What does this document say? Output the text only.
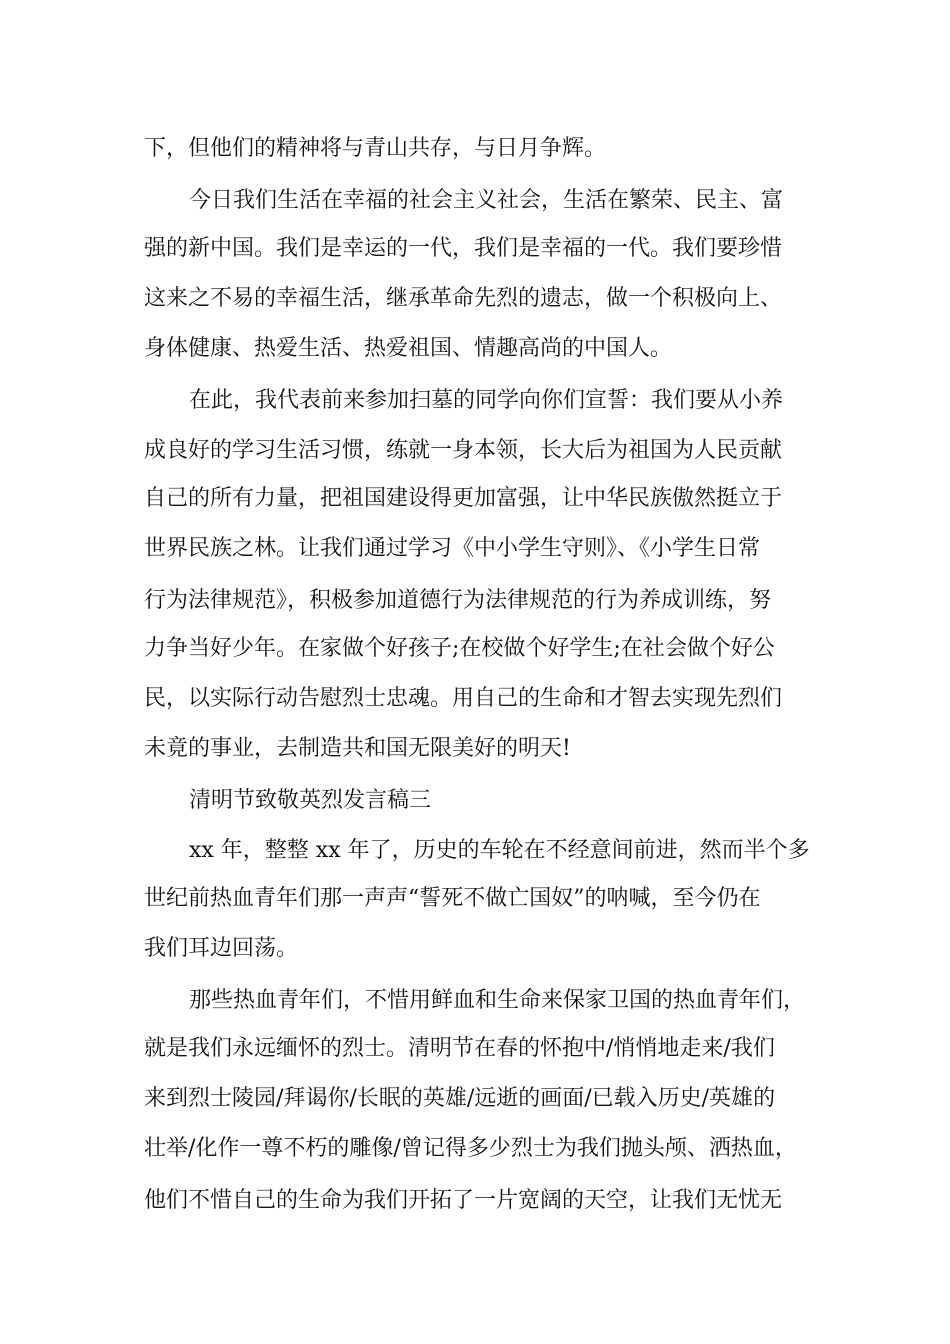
下，但他们的精神将与青山共存，与日月争辉。
今日我们生活在幸福的社会主义社会，生活在繁荣、民主、富
强的新中国。我们是幸运的一代，我们是幸福的一代。我们要珍惜
这来之不易的幸福生活，继承革命先烈的遗志，做一个积极向上、
身体健康、热爱生活、热爱祖国、情趣高尚的中国人。
在此，我代表前来参加扫墓的同学向你们宣誓：我们要从小养
成良好的学习生活习惯，练就一身本领，长大后为祖国为人民贡献
自己的所有力量，把祖国建设得更加富强，让中华民族傲然挺立于
世界民族之林。让我们通过学习《中小学生守则》、《小学生日常
行为法律规范》，积极参加道德行为法律规范的行为养成训练，努
力争当好少年。在家做个好孩子;在校做个好学生;在社会做个好公
民，以实际行动告慰烈士忠魂。用自己的生命和才智去实现先烈们
未竟的事业，去制造共和国无限美好的明天!
清明节致敬英烈发言稿三
xx 年，整整 xx 年了，历史的车轮在不经意间前进，然而半个多
世纪前热血青年们那一声声“誓死不做亡国奴”的呐喊，至今仍在
我们耳边回荡。
那些热血青年们，不惜用鲜血和生命来保家卫国的热血青年们，
就是我们永远缅怀的烈士。清明节在春的怀抱中/悄悄地走来/我们
来到烈士陵园/拜谒你/长眠的英雄/远逝的画面/已载入历史/英雄的
壮举/化作一尊不朽的雕像/曾记得多少烈士为我们抛头颅、洒热血，
他们不惜自己的生命为我们开拓了一片宽阔的天空，让我们无忧无
